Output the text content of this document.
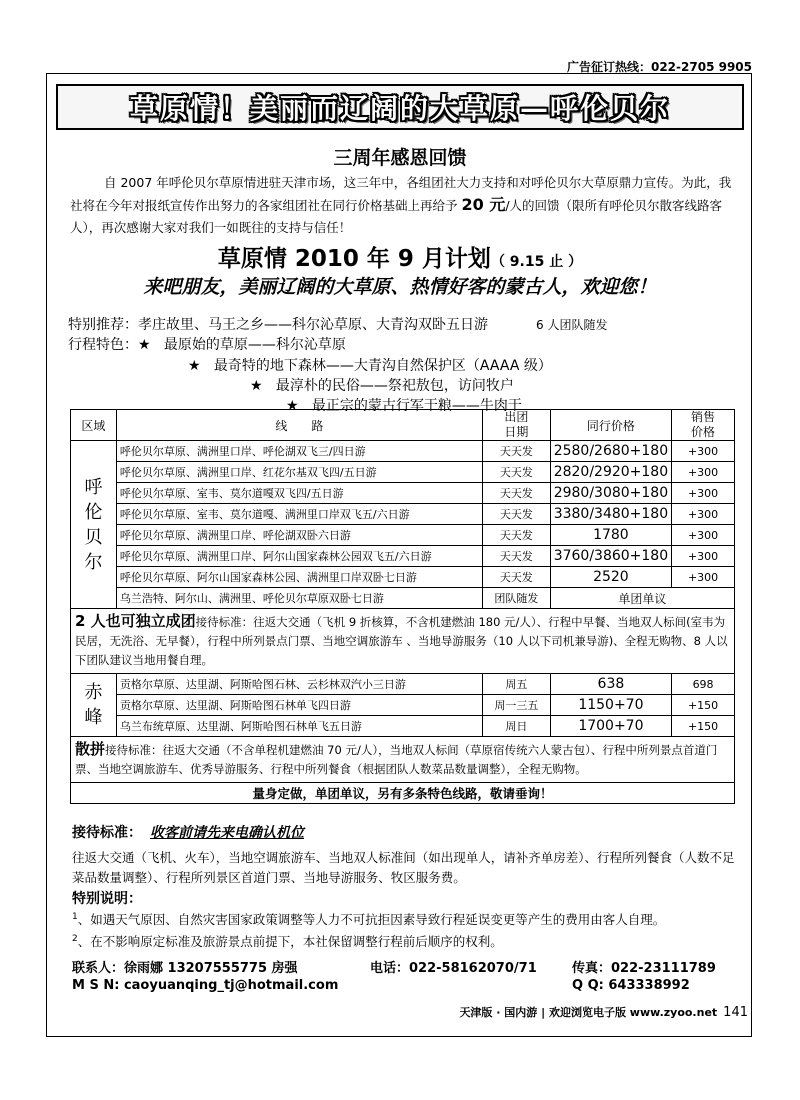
广告征订热线：022-2705 9905
草原情！美丽而辽阔的大草原—呼伦贝尔
三周年感恩回馈
自 2007 年呼伦贝尔草原情进驻天津市场，这三年中，各组团社大力支持和对呼伦贝尔大草原鼎力宣传。为此，我社将在今年对报纸宣传作出努力的各家组团社在同行价格基础上再给予 20 元/人的回馈（限所有呼伦贝尔散客线路客人），再次感谢大家对我们一如既往的支持与信任！
草原情 2010 年 9 月计划（ 9.15 止 ）
来吧朋友，美丽辽阔的大草原、热情好客的蒙古人，欢迎您！
特别推荐：孝庄故里、马王之乡——科尔沁草原、大青沟双卧五日游	6 人团队随发
行程特色：★ 最原始的草原——科尔沁草原
★ 最奇特的地下森林——大青沟自然保护区（AAAA 级）
★ 最淳朴的民俗——祭祀敖包，访问牧户
★ 最正宗的蒙古行军干粮——牛肉干
区域	线　　路	出团
日期	同行价格	销售
价格
呼
伦
贝
尔	呼伦贝尔草原、满洲里口岸、呼伦湖双飞三/四日游	天天发	2580/2680+180	+300
	呼伦贝尔草原、满洲里口岸、红花尔基双飞四/五日游	天天发	2820/2920+180	+300
	呼伦贝尔草原、室韦、莫尔道嘎双飞四/五日游	天天发	2980/3080+180	+300
	呼伦贝尔草原、室韦、莫尔道嘎、满洲里口岸双飞五/六日游	天天发	3380/3480+180	+300
	呼伦贝尔草原、满洲里口岸、呼伦湖双卧六日游	天天发	1780	+300
	呼伦贝尔草原、满洲里口岸、阿尔山国家森林公园双飞五/六日游	天天发	3760/3860+180	+300
	呼伦贝尔草原、阿尔山国家森林公园、满洲里口岸双卧七日游	天天发	2520	+300
	乌兰浩特、阿尔山、满洲里、呼伦贝尔草原双卧七日游	团队随发	单团单议	
2 人也可独立成团接待标准：往返大交通（飞机 9 折核算，不含机建燃油 180 元/人）、行程中早餐、当地双人标间(室韦为民居，无洗浴、无早餐），行程中所列景点门票、当地空调旅游车 、当地导游服务（10 人以下司机兼导游)、全程无购物、8 人以下团队建议当地用餐自理。				
赤
峰	贡格尔草原、达里湖、阿斯哈图石林、云杉林双汽小三日游	周五	638	698
	贡格尔草原、达里湖、阿斯哈图石林单飞四日游	周一三五	1150+70	+150
	乌兰布统草原、达里湖、阿斯哈图石林单飞五日游	周日	1700+70	+150
散拼接待标准：往返大交通（不含单程机建燃油 70 元/人），当地双人标间（草原宿传统六人蒙古包）、行程中所列景点首道门票、当地空调旅游车、优秀导游服务、行程中所列餐食（根据团队人数菜品数量调整），全程无购物。				
量身定做，单团单议，另有多条特色线路，敬请垂询！				
接待标准： 收客前请先来电确认机位
往返大交通（飞机、火车），当地空调旅游车、当地双人标准间（如出现单人，请补齐单房差）、行程所列餐食（人数不足菜品数量调整）、行程所列景区首道门票、当地导游服务、牧区服务费。
特别说明：
$^1$、如遇天气原因、自然灾害国家政策调整等人力不可抗拒因素导致行程延误变更等产生的费用由客人自理。
$^2$、在不影响原定标准及旅游景点前提下，本社保留调整行程前后顺序的权利。
联系人：徐雨娜 13207555775 房强	电话：022-58162070/71	传真：022-23111789
M S N: caoyuanqing_tj@hotmail.com	Q Q: 643338992
天津版 · 国内游 | 欢迎浏览电子版 www.zyoo.net 141
